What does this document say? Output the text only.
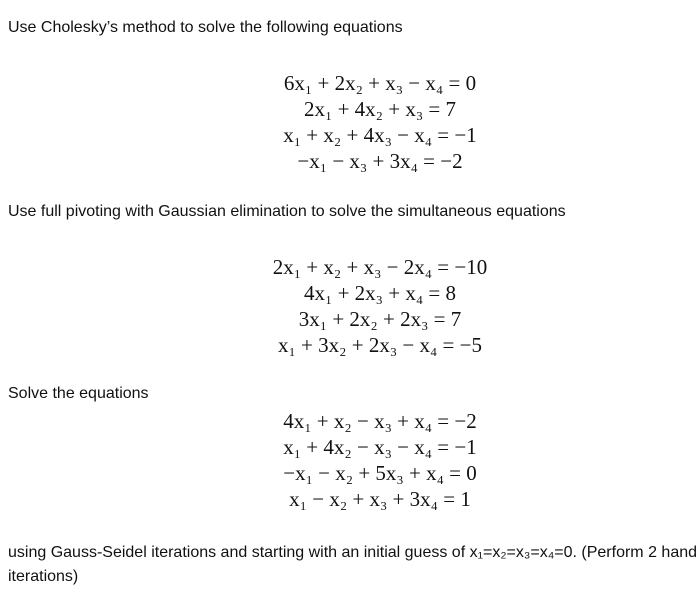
Use Cholesky’s method to solve the following equations

6x₁ + 2x₂ + x₃ − x₄ = 0
2x₁ + 4x₂ + x₃ = 7
x₁ + x₂ + 4x₃ − x₄ = −1
−x₁ − x₃ + 3x₄ = −2

Use full pivoting with Gaussian elimination to solve the simultaneous equations

2x₁ + x₂ + x₃ − 2x₄ = −10
4x₁ + 2x₃ + x₄ = 8
3x₁ + 2x₂ + 2x₃ = 7
x₁ + 3x₂ + 2x₃ − x₄ = −5

Solve the equations

4x₁ + x₂ − x₃ + x₄ = −2
x₁ + 4x₂ − x₃ − x₄ = −1
−x₁ − x₂ + 5x₃ + x₄ = 0
x₁ − x₂ + x₃ + 3x₄ = 1

using Gauss-Seidel iterations and starting with an initial guess of x₁=x₂=x₃=x₄=0. (Perform 2 hand iterations)
